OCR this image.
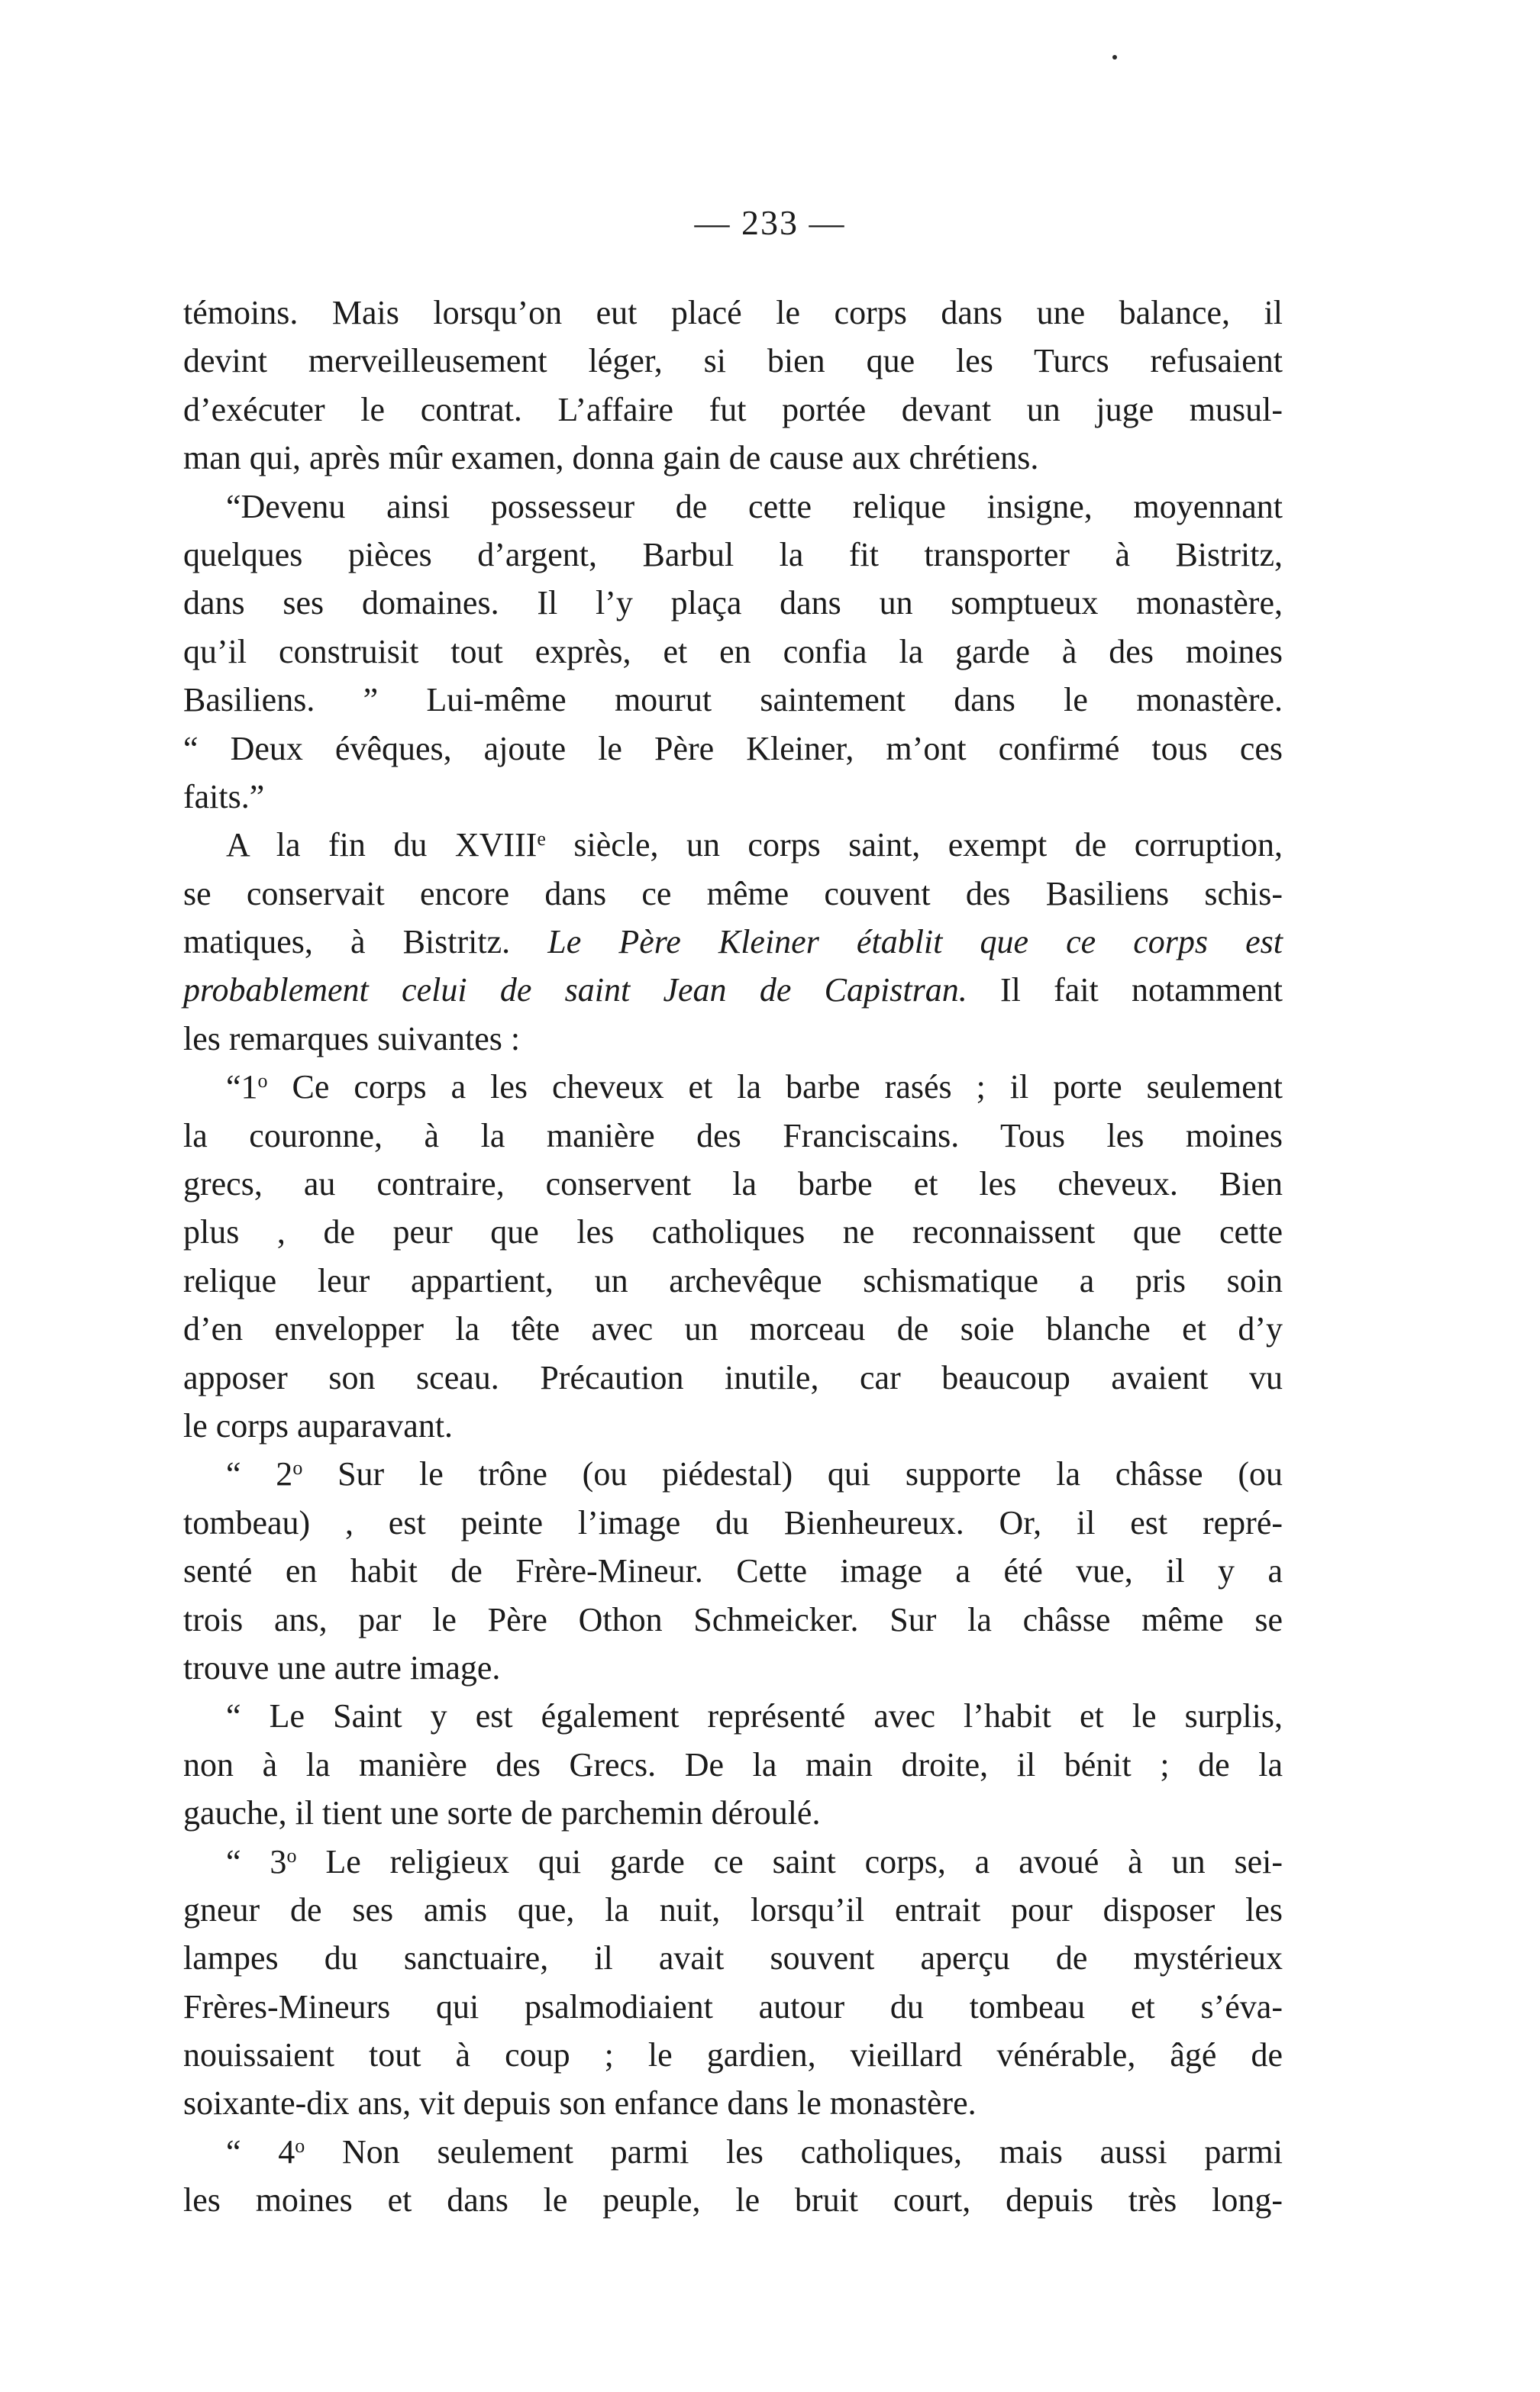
— 233 —
témoins. Mais lorsqu’on eut placé le corps dans une balance, il
devint merveilleusement léger, si bien que les Turcs refusaient
d’exécuter le contrat. L’affaire fut portée devant un juge musul-
man qui, après mûr examen, donna gain de cause aux chrétiens.
“Devenu ainsi possesseur de cette relique insigne, moyennant
quelques pièces d’argent, Barbul la fit transporter à Bistritz,
dans ses domaines. Il l’y plaça dans un somptueux monastère,
qu’il construisit tout exprès, et en confia la garde à des moines
Basiliens. ” Lui-même mourut saintement dans le monastère.
“ Deux évêques, ajoute le Père Kleiner, m’ont confirmé tous ces
faits.”
A la fin du XVIIIe siècle, un corps saint, exempt de corruption,
se conservait encore dans ce même couvent des Basiliens schis-
matiques, à Bistritz. Le Père Kleiner établit que ce corps est
probablement celui de saint Jean de Capistran. Il fait notamment
les remarques suivantes :
“1$^o$ Ce corps a les cheveux et la barbe rasés ; il porte seulement
la couronne, à la manière des Franciscains. Tous les moines
grecs, au contraire, conservent la barbe et les cheveux. Bien
plus , de peur que les catholiques ne reconnaissent que cette
relique leur appartient, un archevêque schismatique a pris soin
d’en envelopper la tête avec un morceau de soie blanche et d’y
apposer son sceau. Précaution inutile, car beaucoup avaient vu
le corps auparavant.
“ 2$^o$ Sur le trône (ou piédestal) qui supporte la châsse (ou
tombeau) , est peinte l’image du Bienheureux. Or, il est repré-
senté en habit de Frère-Mineur. Cette image a été vue, il y a
trois ans, par le Père Othon Schmeicker. Sur la châsse même se
trouve une autre image.
“ Le Saint y est également représenté avec l’habit et le surplis,
non à la manière des Grecs. De la main droite, il bénit ; de la
gauche, il tient une sorte de parchemin déroulé.
“ 3$^o$ Le religieux qui garde ce saint corps, a avoué à un sei-
gneur de ses amis que, la nuit, lorsqu’il entrait pour disposer les
lampes du sanctuaire, il avait souvent aperçu de mystérieux
Frères-Mineurs qui psalmodiaient autour du tombeau et s’éva-
nouissaient tout à coup ; le gardien, vieillard vénérable, âgé de
soixante-dix ans, vit depuis son enfance dans le monastère.
“ 4$^o$ Non seulement parmi les catholiques, mais aussi parmi
les moines et dans le peuple, le bruit court, depuis très long-
